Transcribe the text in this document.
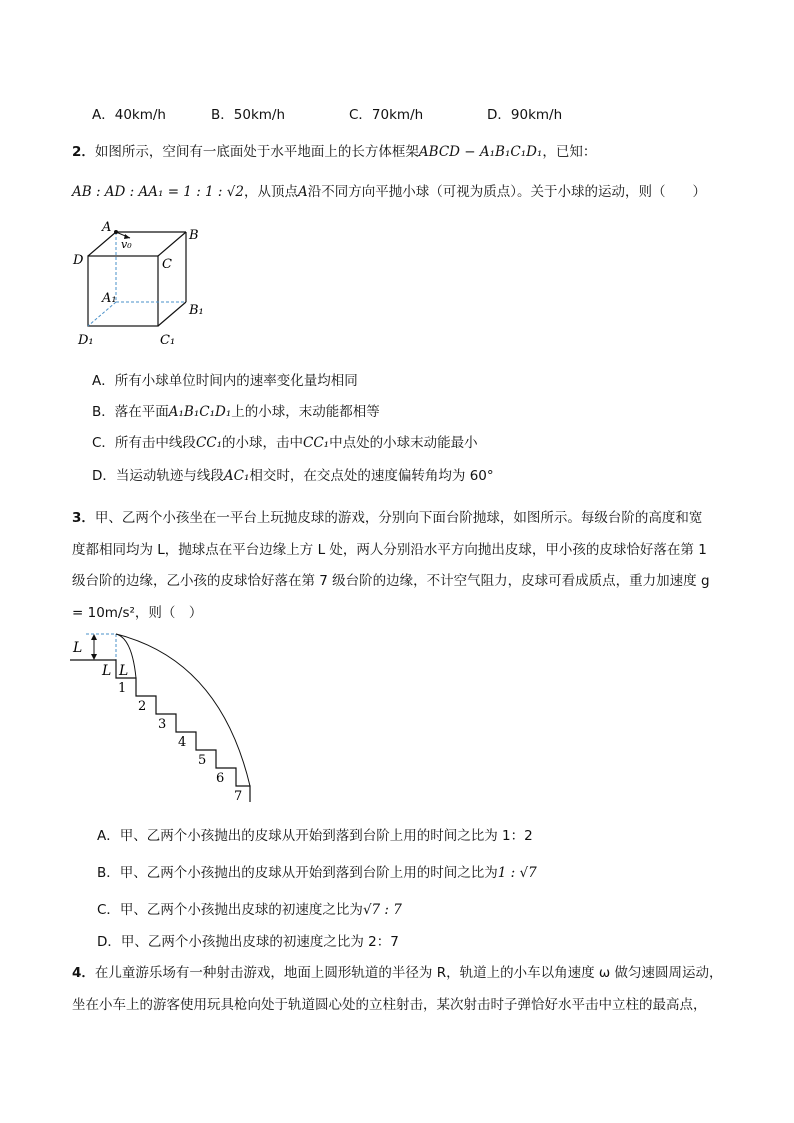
A．40km/h	B．50km/h	C．70km/h	D．90km/h
2．如图所示，空间有一底面处于水平地面上的长方体框架ABCD − A₁B₁C₁D₁，已知：
AB : AD : AA₁ = 1 : 1 : √2，从顶点A沿不同方向平抛小球（可视为质点）。关于小球的运动，则（　　）
A
v₀
B
D	C
A₁
B₁
D₁	C₁
A．所有小球单位时间内的速率变化量均相同
B．落在平面A₁B₁C₁D₁上的小球，末动能都相等
C．所有击中线段CC₁的小球，击中CC₁中点处的小球末动能最小
D．当运动轨迹与线段AC₁相交时，在交点处的速度偏转角均为 60°
3．甲、乙两个小孩坐在一平台上玩抛皮球的游戏，分别向下面台阶抛球，如图所示。每级台阶的高度和宽
度都相同均为 L，抛球点在平台边缘上方 L 处，两人分别沿水平方向抛出皮球，甲小孩的皮球恰好落在第 1
级台阶的边缘，乙小孩的皮球恰好落在第 7 级台阶的边缘，不计空气阻力，皮球可看成质点，重力加速度 g
= 10m/s²，则（　）
L
L L
1
2
3
4
5
6
7
A．甲、乙两个小孩抛出的皮球从开始到落到台阶上用的时间之比为 1：2
B．甲、乙两个小孩抛出的皮球从开始到落到台阶上用的时间之比为1 : √7
C．甲、乙两个小孩抛出皮球的初速度之比为√7 : 7
D．甲、乙两个小孩抛出皮球的初速度之比为 2：7
4．在儿童游乐场有一种射击游戏，地面上圆形轨道的半径为 R，轨道上的小车以角速度 ω 做匀速圆周运动，
坐在小车上的游客使用玩具枪向处于轨道圆心处的立柱射击，某次射击时子弹恰好水平击中立柱的最高点，
